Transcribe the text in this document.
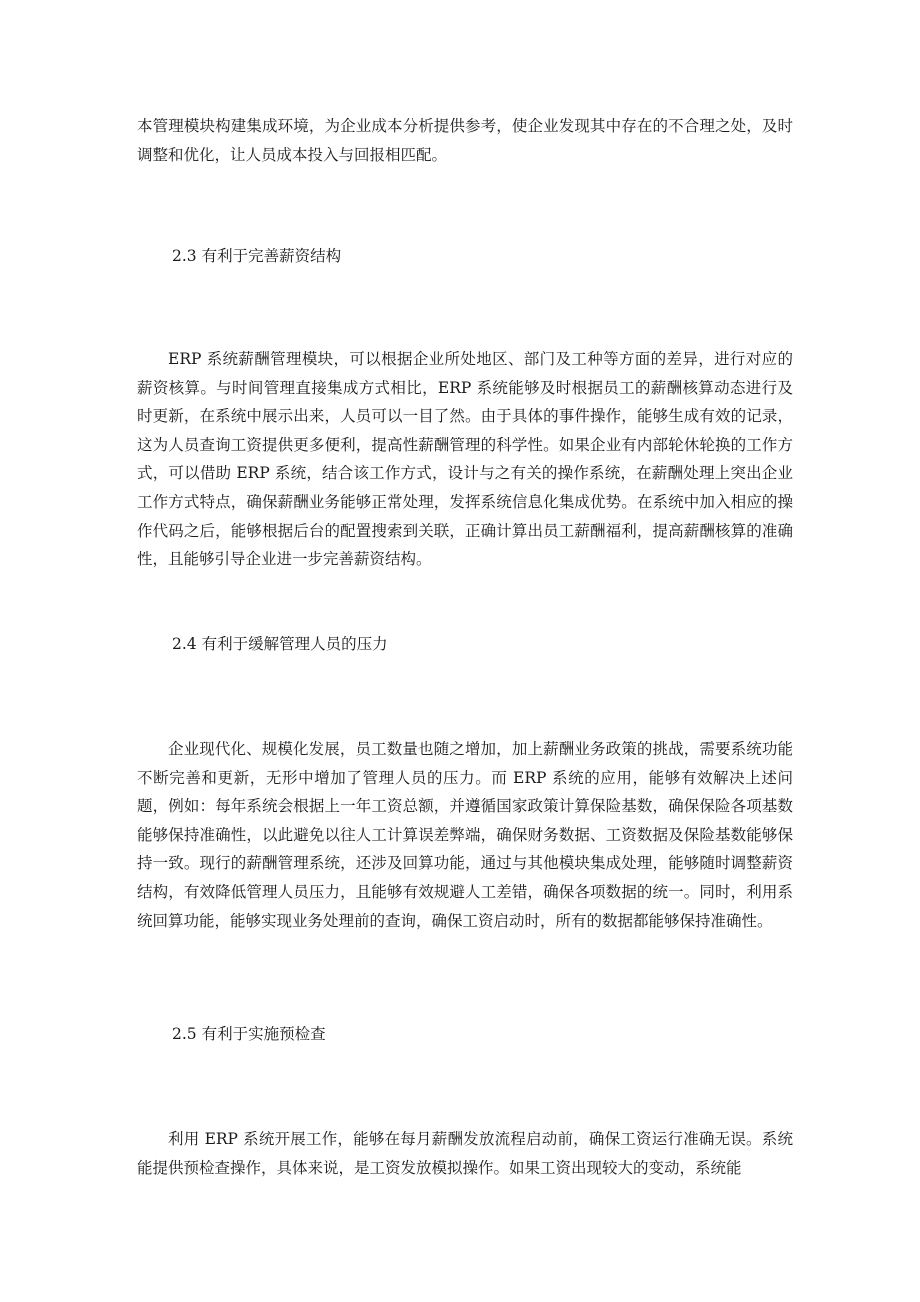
本管理模块构建集成环境，为企业成本分析提供参考，使企业发现其中存在的不合理之处，及时调整和优化，让人员成本投入与回报相匹配。

2.3 有利于完善薪资结构

ERP 系统薪酬管理模块，可以根据企业所处地区、部门及工种等方面的差异，进行对应的薪资核算。与时间管理直接集成方式相比，ERP 系统能够及时根据员工的薪酬核算动态进行及时更新，在系统中展示出来，人员可以一目了然。由于具体的事件操作，能够生成有效的记录，这为人员查询工资提供更多便利，提高性薪酬管理的科学性。如果企业有内部轮休轮换的工作方式，可以借助 ERP 系统，结合该工作方式，设计与之有关的操作系统，在薪酬处理上突出企业工作方式特点，确保薪酬业务能够正常处理，发挥系统信息化集成优势。在系统中加入相应的操作代码之后，能够根据后台的配置搜索到关联，正确计算出员工薪酬福利，提高薪酬核算的准确性，且能够引导企业进一步完善薪资结构。

2.4 有利于缓解管理人员的压力

企业现代化、规模化发展，员工数量也随之增加，加上薪酬业务政策的挑战，需要系统功能不断完善和更新，无形中增加了管理人员的压力。而 ERP 系统的应用，能够有效解决上述问题，例如：每年系统会根据上一年工资总额，并遵循国家政策计算保险基数，确保保险各项基数能够保持准确性，以此避免以往人工计算误差弊端，确保财务数据、工资数据及保险基数能够保持一致。现行的薪酬管理系统，还涉及回算功能，通过与其他模块集成处理，能够随时调整薪资结构，有效降低管理人员压力，且能够有效规避人工差错，确保各项数据的统一。同时，利用系统回算功能，能够实现业务处理前的查询，确保工资启动时，所有的数据都能够保持准确性。

2.5 有利于实施预检查

利用 ERP 系统开展工作，能够在每月薪酬发放流程启动前，确保工资运行准确无误。系统能提供预检查操作，具体来说，是工资发放模拟操作。如果工资出现较大的变动，系统能
